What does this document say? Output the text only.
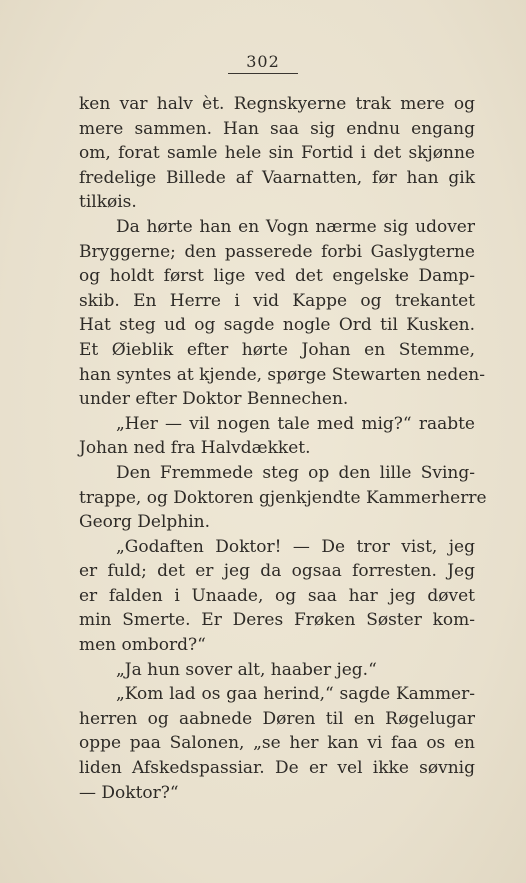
302
ken var halv èt. Regnskyerne trak mere og
mere sammen. Han saa sig endnu engang
om, forat samle hele sin Fortid i det skjønne
fredelige Billede af Vaarnatten, før han gik
tilkøis.
Da hørte han en Vogn nærme sig udover
Bryggerne; den passerede forbi Gaslygterne
og holdt først lige ved det engelske Damp-
skib. En Herre i vid Kappe og trekantet
Hat steg ud og sagde nogle Ord til Kusken.
Et Øieblik efter hørte Johan en Stemme,
han syntes at kjende, spørge Stewarten neden-
under efter Doktor Bennechen.
„Her — vil nogen tale med mig?“ raabte
Johan ned fra Halvdækket.
Den Fremmede steg op den lille Sving-
trappe, og Doktoren gjenkjendte Kammerherre
Georg Delphin.
„Godaften Doktor! — De tror vist, jeg
er fuld; det er jeg da ogsaa forresten. Jeg
er falden i Unaade, og saa har jeg døvet
min Smerte. Er Deres Frøken Søster kom-
men ombord?“
„Ja hun sover alt, haaber jeg.“
„Kom lad os gaa herind,“ sagde Kammer-
herren og aabnede Døren til en Røgelugar
oppe paa Salonen, „se her kan vi faa os en
liden Afskedspassiar. De er vel ikke søvnig
— Doktor?“
